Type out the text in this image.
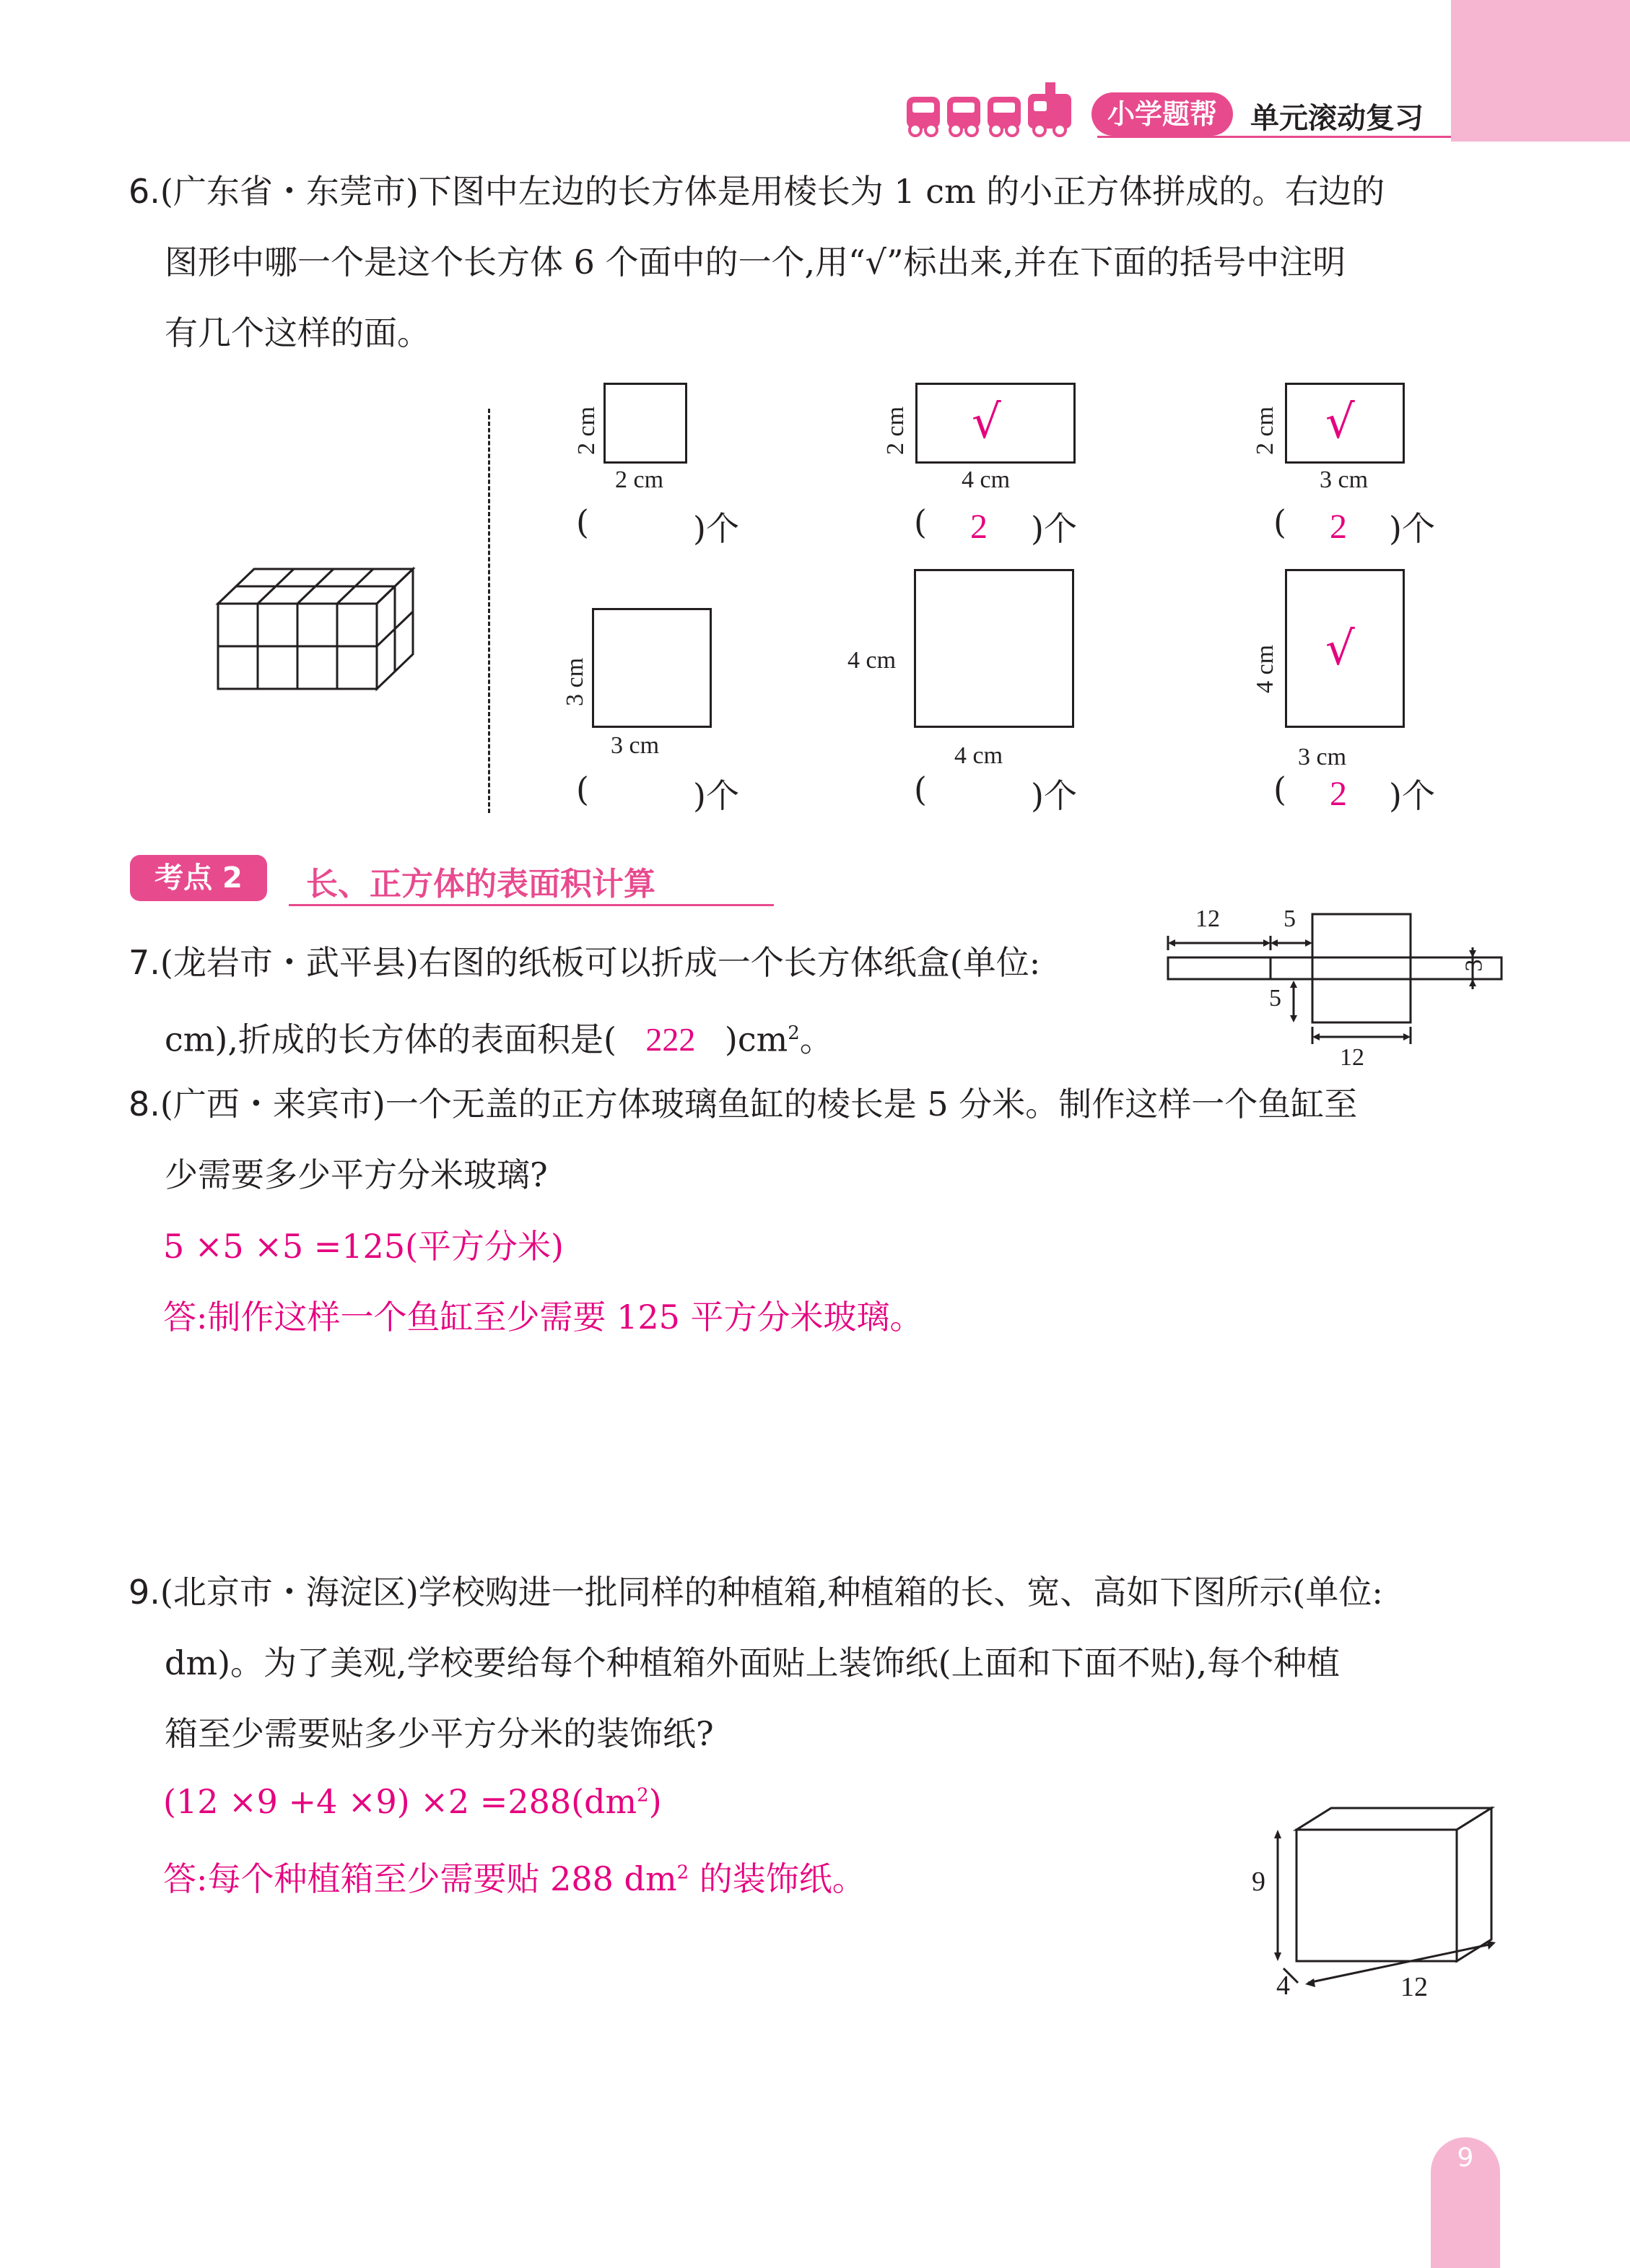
小学题帮	单元滚动复习
6.(广东省・东莞市)下图中左边的长方体是用棱长为 1 cm 的小正方体拼成的。右边的
图形中哪一个是这个长方体 6 个面中的一个,用“√”标出来,并在下面的括号中注明
有几个这样的面。
2 cm
2 cm
(	)个
√
2 cm
4 cm
( 2 )个
√
2 cm
3 cm
( 2 )个
3 cm
3 cm
(	)个
4 cm
4 cm
(	)个
√
4 cm
3 cm
( 2 )个
考点 2	长、正方体的表面积计算
7.(龙岩市・武平县)右图的纸板可以折成一个长方体纸盒(单位:
cm),折成的长方体的表面积是( 222 )$cm^2$。
12	5
3
5
12
8.(广西・来宾市)一个无盖的正方体玻璃鱼缸的棱长是 5 分米。制作这样一个鱼缸至
少需要多少平方分米玻璃?
5 ×5 ×5 =125(平方分米)
答:制作这样一个鱼缸至少需要 125 平方分米玻璃。
9.(北京市・海淀区)学校购进一批同样的种植箱,种植箱的长、宽、高如下图所示(单位:
dm)。为了美观,学校要给每个种植箱外面贴上装饰纸(上面和下面不贴),每个种植
箱至少需要贴多少平方分米的装饰纸?
$(12 \times 9 +4 \times 9) \times 2 =288(dm^2)$
答:每个种植箱至少需要贴 288 $dm^2$ 的装饰纸。	9
4	12
9
